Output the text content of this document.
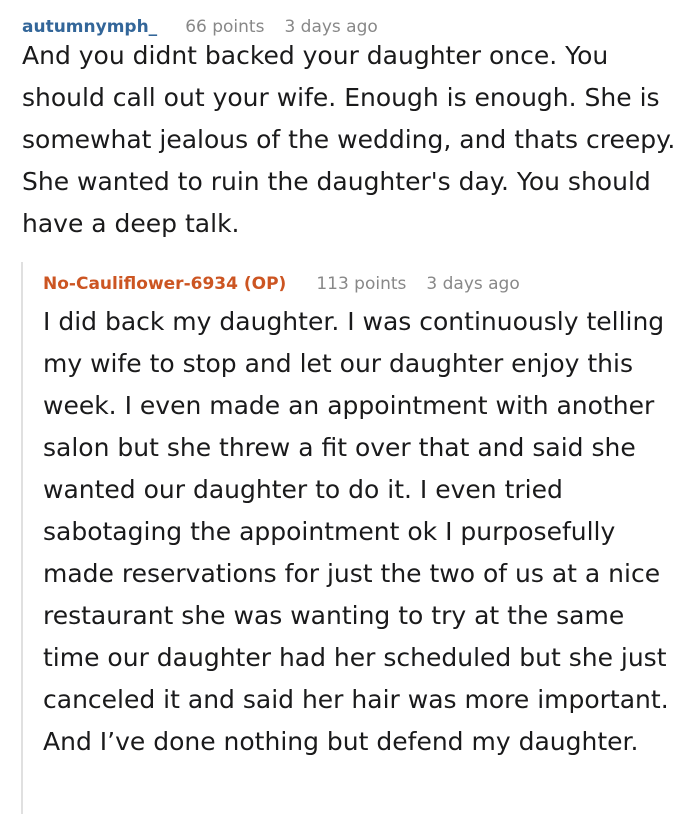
autumnymph_ 66 points 3 days ago

And you didnt backed your daughter once. You should call out your wife. Enough is enough. She is somewhat jealous of the wedding, and thats creepy. She wanted to ruin the daughter's day. You should have a deep talk.

No-Cauliflower-6934 (OP) 113 points 3 days ago

I did back my daughter. I was continuously telling my wife to stop and let our daughter enjoy this week. I even made an appointment with another salon but she threw a fit over that and said she wanted our daughter to do it. I even tried sabotaging the appointment ok I purposefully made reservations for just the two of us at a nice restaurant she was wanting to try at the same time our daughter had her scheduled but she just canceled it and said her hair was more important. And I’ve done nothing but defend my daughter.
